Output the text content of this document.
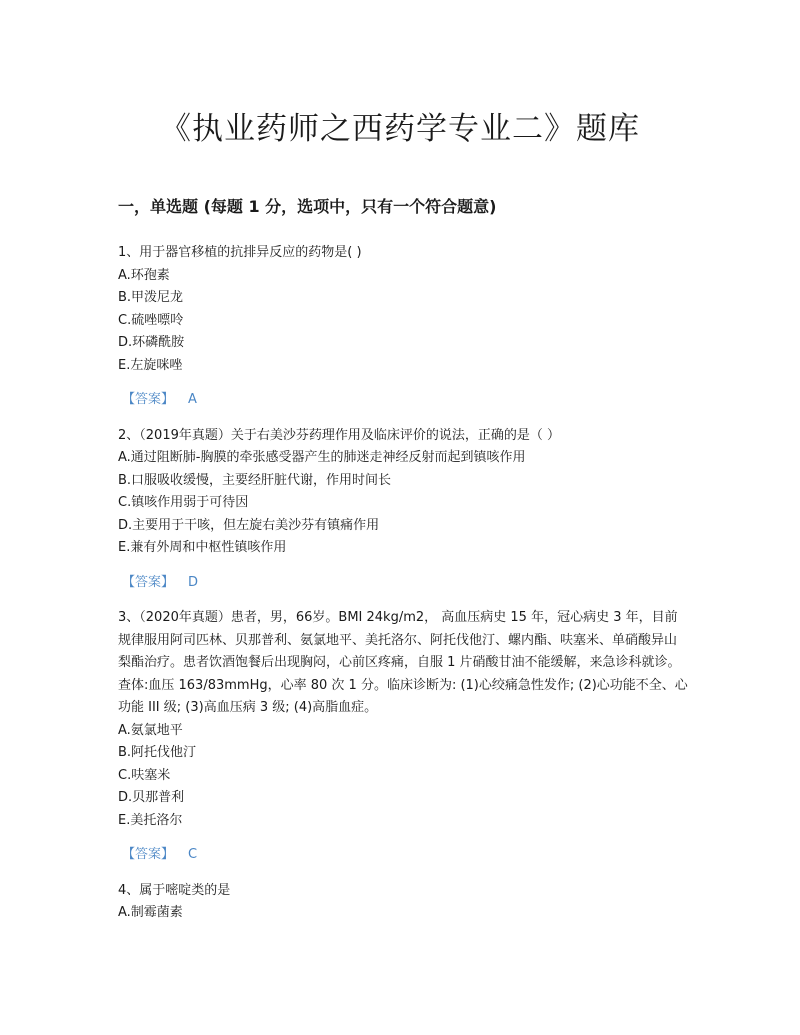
《执业药师之西药学专业二》题库
一，单选题 (每题 1 分，选项中，只有一个符合题意)

1、用于器官移植的抗排异反应的药物是( )

A.环孢素
B.甲泼尼龙
C.硫唑嘌呤
D.环磷酰胺
E.左旋咪唑

【答案】 A

2、（2019年真题）关于右美沙芬药理作用及临床评价的说法，正确的是（ ）

A.通过阻断肺-胸膜的牵张感受器产生的肺迷走神经反射而起到镇咳作用
B.口服吸收缓慢，主要经肝脏代谢，作用时间长
C.镇咳作用弱于可待因
D.主要用于干咳，但左旋右美沙芬有镇痛作用
E.兼有外周和中枢性镇咳作用

【答案】 D

3、（2020年真题）患者，男，66岁。BMI 24kg/m2， 高血压病史 15 年，冠心病史 3 年，目前规律服用阿司匹林、贝那普利、氨氯地平、美托洛尔、阿托伐他汀、螺内酯、呋塞米、单硝酸异山梨酯治疗。患者饮酒饱餐后出现胸闷，心前区疼痛，自服 1 片硝酸甘油不能缓解，来急诊科就诊。查体:血压 163/83mmHg，心率 80 次 1 分。临床诊断为: (1)心绞痛急性发作; (2)心功能不全、心功能 III 级; (3)高血压病 3 级; (4)高脂血症。

A.氨氯地平
B.阿托伐他汀
C.呋塞米
D.贝那普利
E.美托洛尔

【答案】 C

4、属于嘧啶类的是

A.制霉菌素
